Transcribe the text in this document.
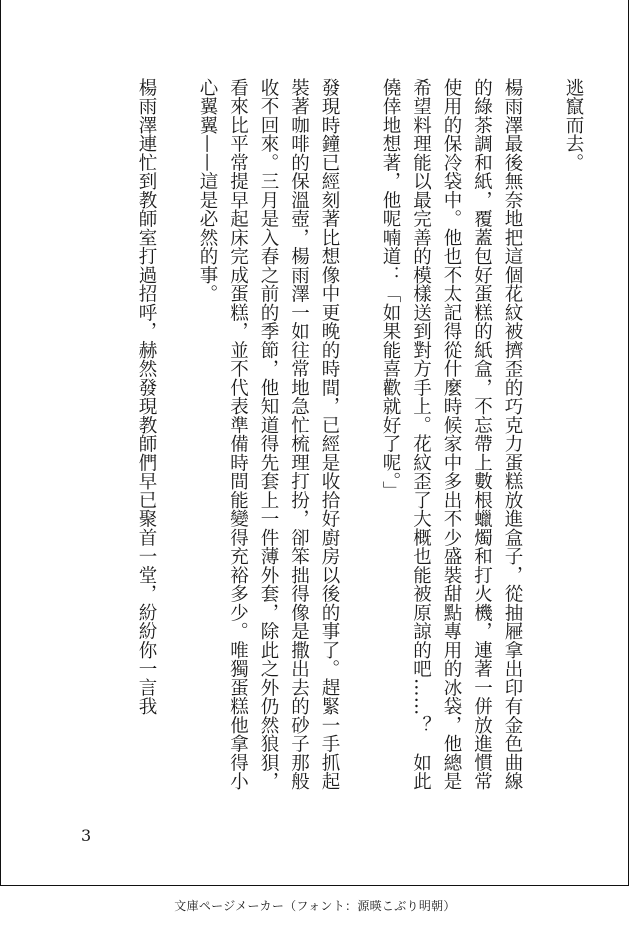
逃竄而去。

楊雨澤最後無奈地把這個花紋被擠歪的巧克力蛋糕放進盒子，從抽屜拿出印有金色曲線的綠茶調和紙，覆蓋包好蛋糕的紙盒，不忘帶上數根蠟燭和打火機，連著一併放進慣常使用的保冷袋中。他也不太記得從什麼時候家中多出不少盛裝甜點專用的冰袋，他總是希望料理能以最完善的模樣送到對方手上。花紋歪了大概也能被原諒的吧……？　如此僥倖地想著，他呢喃道：「如果能喜歡就好了呢。」

發現時鐘已經刻著比想像中更晚的時間，已經是收拾好廚房以後的事了。趕緊一手抓起裝著咖啡的保溫壺，楊雨澤一如往常地急忙梳理打扮，卻笨拙得像是撒出去的砂子那般收不回來。三月是入春之前的季節，他知道得先套上一件薄外套，除此之外仍然狼狽，看來比平常提早起床完成蛋糕，並不代表準備時間能變得充裕多少。唯獨蛋糕他拿得小心翼翼——這是必然的事。

楊雨澤連忙到教師室打過招呼，赫然發現教師們早已聚首一堂，紛紛你一言我

3
文庫ページメーカー（フォント：源暎こぶり明朝）
